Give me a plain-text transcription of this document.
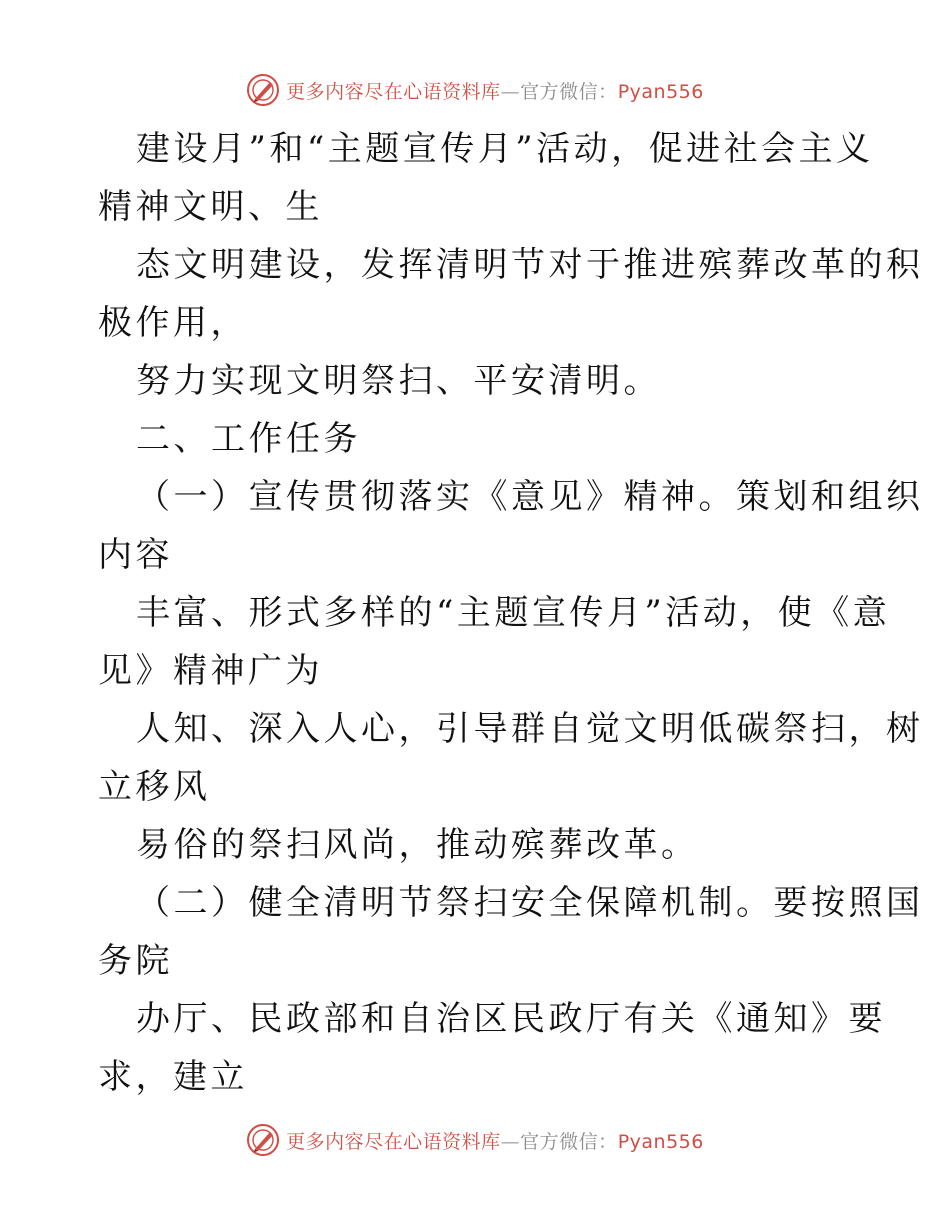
更多内容尽在心语资料库—官方微信：Pyan556
建设月”和“主题宣传月”活动，促进社会主义
精神文明、生
态文明建设，发挥清明节对于推进殡葬改革的积
极作用，
努力实现文明祭扫、平安清明。
二、工作任务
（一）宣传贯彻落实《意见》精神。策划和组织
内容
丰富、形式多样的“主题宣传月”活动，使《意
见》精神广为
人知、深入人心，引导群自觉文明低碳祭扫，树
立移风
易俗的祭扫风尚，推动殡葬改革。
（二）健全清明节祭扫安全保障机制。要按照国
务院
办厅、民政部和自治区民政厅有关《通知》要
求，建立
更多内容尽在心语资料库—官方微信：Pyan556
